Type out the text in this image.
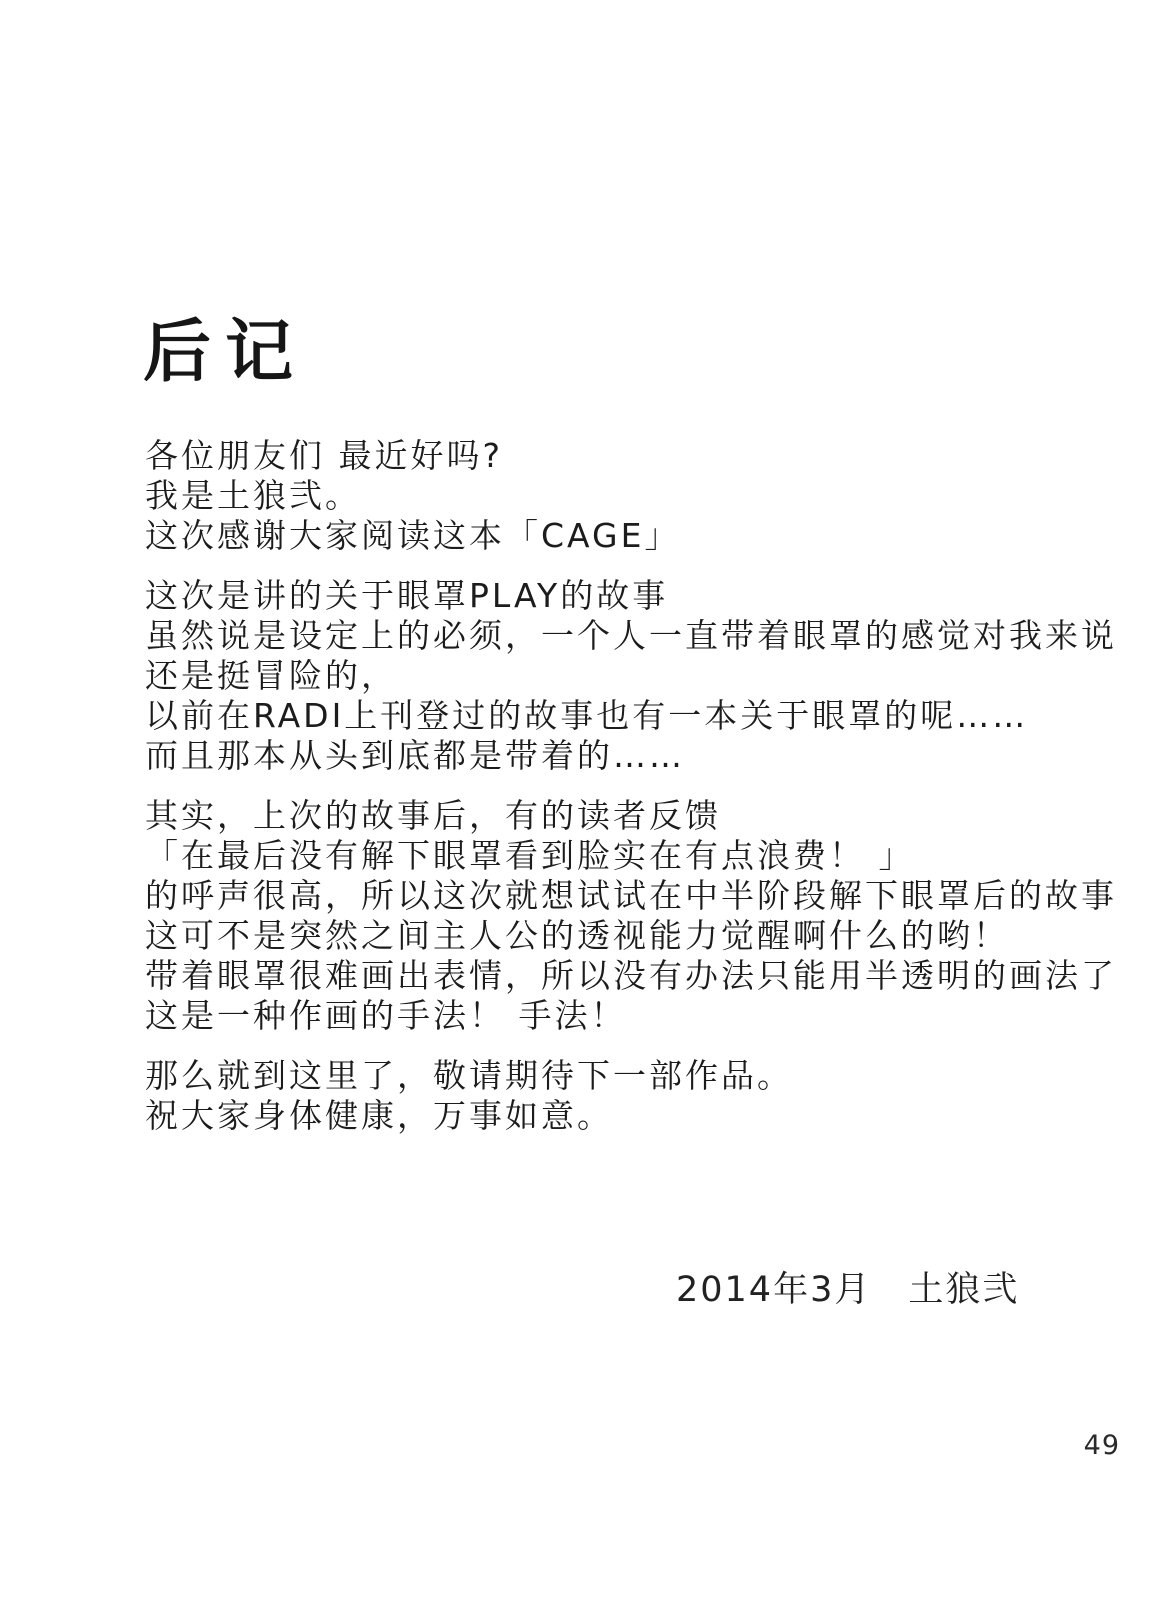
后记
各位朋友们 最近好吗?
我是土狼弐。
这次感谢大家阅读这本「CAGE」
这次是讲的关于眼罩PLAY的故事
虽然说是设定上的必须，一个人一直带着眼罩的感觉对我来说
还是挺冒险的，
以前在RADI上刊登过的故事也有一本关于眼罩的呢……
而且那本从头到底都是带着的……
其实，上次的故事后，有的读者反馈
「在最后没有解下眼罩看到脸实在有点浪费！ 」
的呼声很高，所以这次就想试试在中半阶段解下眼罩后的故事
这可不是突然之间主人公的透视能力觉醒啊什么的哟！
带着眼罩很难画出表情，所以没有办法只能用半透明的画法了
这是一种作画的手法！ 手法！
那么就到这里了，敬请期待下一部作品。
祝大家身体健康，万事如意。
2014年3月　土狼弐
49
